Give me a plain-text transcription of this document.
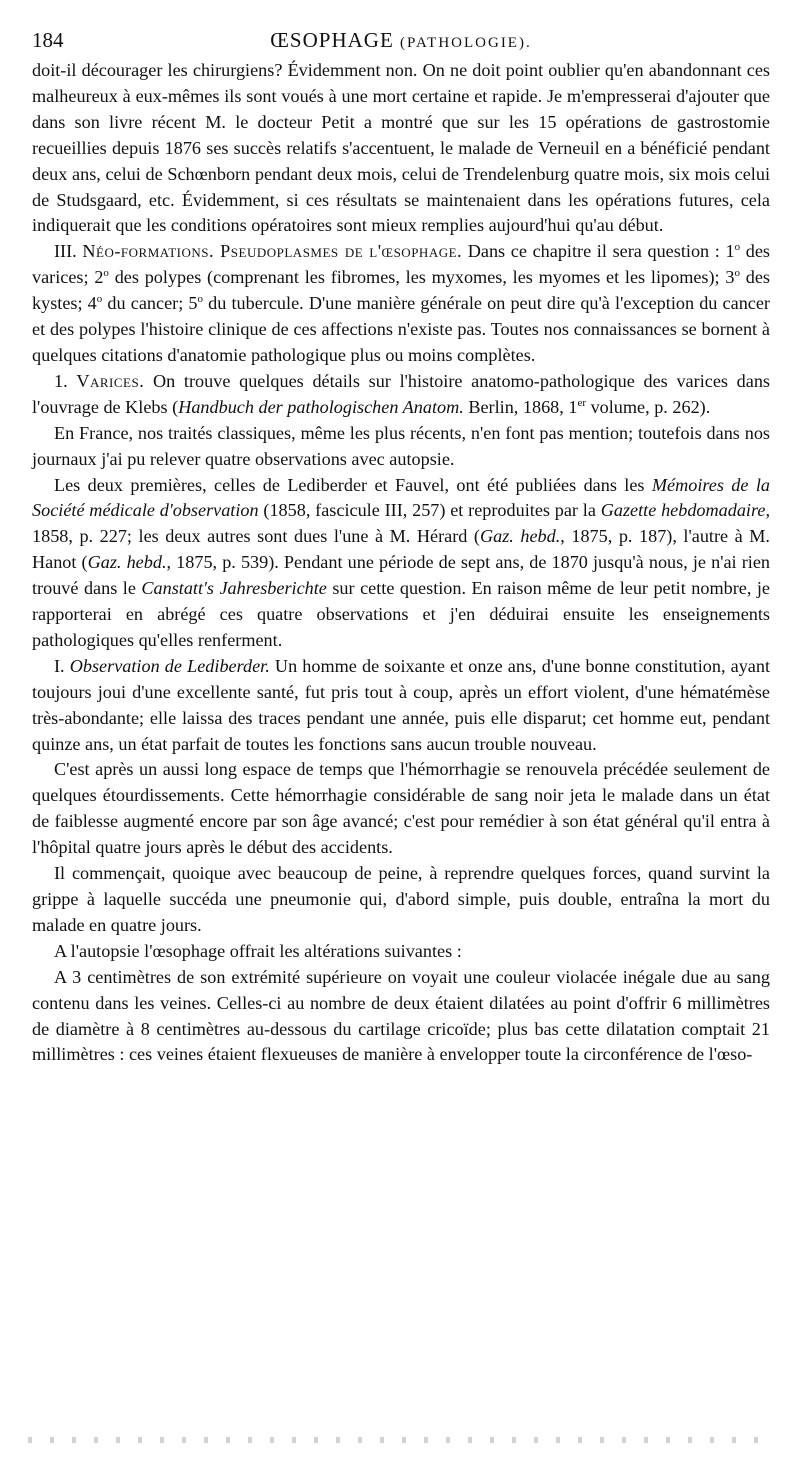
184	ŒSOPHAGE (PATHOLOGIE).

doit-il décourager les chirurgiens? Évidemment non. On ne doit point oublier qu'en abandonnant ces malheureux à eux-mêmes ils sont voués à une mort certaine et rapide. Je m'empresserai d'ajouter que dans son livre récent M. le docteur Petit a montré que sur les 15 opérations de gastrostomie recueillies depuis 1876 ses succès relatifs s'accentuent, le malade de Verneuil en a bénéficié pendant deux ans, celui de Schœnborn pendant deux mois, celui de Trendelenburg quatre mois, six mois celui de Studsgaard, etc. Évidemment, si ces résultats se maintenaient dans les opérations futures, cela indiquerait que les conditions opératoires sont mieux remplies aujourd'hui qu'au début.

III. Néo-formations. Pseudoplasmes de l'œsophage. Dans ce chapitre il sera question : 1$^o$ des varices; 2$^o$ des polypes (comprenant les fibromes, les myxomes, les myomes et les lipomes); 3$^o$ des kystes; 4$^o$ du cancer; 5$^o$ du tubercule. D'une manière générale on peut dire qu'à l'exception du cancer et des polypes l'histoire clinique de ces affections n'existe pas. Toutes nos connaissances se bornent à quelques citations d'anatomie pathologique plus ou moins complètes.

1. Varices. On trouve quelques détails sur l'histoire anatomo-pathologique des varices dans l'ouvrage de Klebs (Handbuch der pathologischen Anatom. Berlin, 1868, 1er volume, p. 262).

En France, nos traités classiques, même les plus récents, n'en font pas mention; toutefois dans nos journaux j'ai pu relever quatre observations avec autopsie.

Les deux premières, celles de Lediberder et Fauvel, ont été publiées dans les Mémoires de la Société médicale d'observation (1858, fascicule III, 257) et reproduites par la Gazette hebdomadaire, 1858, p. 227; les deux autres sont dues l'une à M. Hérard (Gaz. hebd., 1875, p. 187), l'autre à M. Hanot (Gaz. hebd., 1875, p. 539). Pendant une période de sept ans, de 1870 jusqu'à nous, je n'ai rien trouvé dans le Canstatt's Jahresberichte sur cette question. En raison même de leur petit nombre, je rapporterai en abrégé ces quatre observations et j'en déduirai ensuite les enseignements pathologiques qu'elles renferment.

I. Observation de Lediberder. Un homme de soixante et onze ans, d'une bonne constitution, ayant toujours joui d'une excellente santé, fut pris tout à coup, après un effort violent, d'une hématémèse très-abondante; elle laissa des traces pendant une année, puis elle disparut; cet homme eut, pendant quinze ans, un état parfait de toutes les fonctions sans aucun trouble nouveau.

C'est après un aussi long espace de temps que l'hémorrhagie se renouvela précédée seulement de quelques étourdissements. Cette hémorrhagie considérable de sang noir jeta le malade dans un état de faiblesse augmenté encore par son âge avancé; c'est pour remédier à son état général qu'il entra à l'hôpital quatre jours après le début des accidents.

Il commençait, quoique avec beaucoup de peine, à reprendre quelques forces, quand survint la grippe à laquelle succéda une pneumonie qui, d'abord simple, puis double, entraîna la mort du malade en quatre jours.

A l'autopsie l'œsophage offrait les altérations suivantes :

A 3 centimètres de son extrémité supérieure on voyait une couleur violacée inégale due au sang contenu dans les veines. Celles-ci au nombre de deux étaient dilatées au point d'offrir 6 millimètres de diamètre à 8 centimètres au-dessous du cartilage cricoïde; plus bas cette dilatation comptait 21 millimètres : ces veines étaient flexueuses de manière à envelopper toute la circonférence de l'œso-
